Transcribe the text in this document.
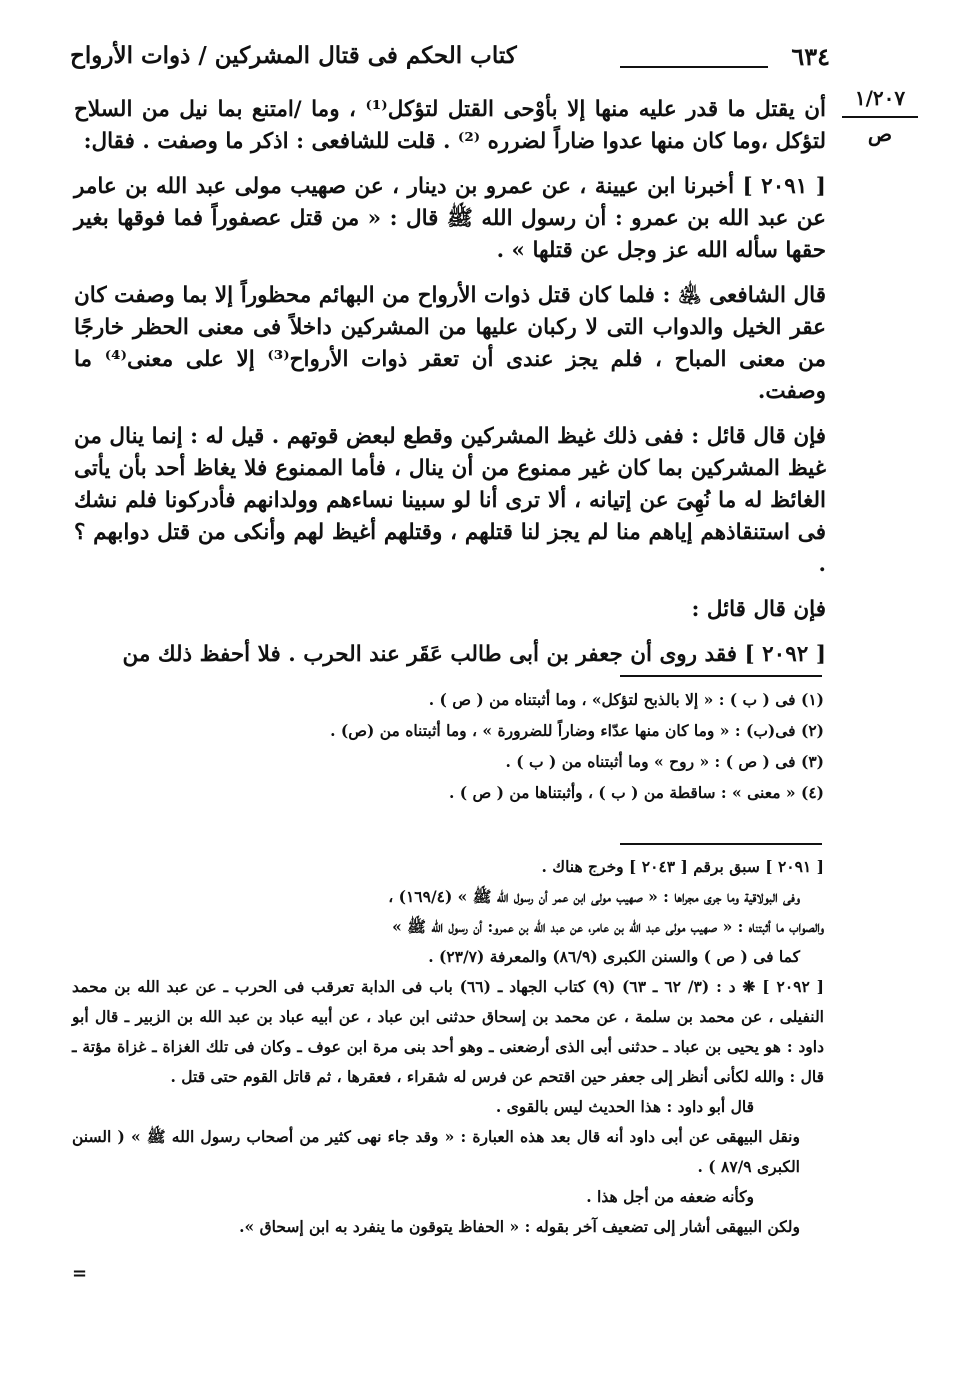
٦٣٤
كتاب الحكم فى قتال المشركين / ذوات الأرواح
١/٢٠٧
ص

أن يقتل ما قدر عليه منها إلا بأوْحى القتل لتؤكل⁽¹⁾ ، وما /امتنع بما نيل من السلاح لتؤكل ،وما كان منها عدوا ضاراً لضرره ⁽²⁾ . قلت للشافعى : اذكر ما وصفت . فقال:

[ ٢٠٩١ ] أخبرنا ابن عيينة ، عن عمرو بن دينار ، عن صهيب مولى عبد الله بن عامر عن عبد الله بن عمرو : أن رسول الله ﷺ قال : « من قتل عصفوراً فما فوقها بغير حقها سأله الله عز وجل عن قتلها » .

قال الشافعى ﵁ : فلما كان قتل ذوات الأرواح من البهائم محظوراً إلا بما وصفت كان عقر الخيل والدواب التى لا ركبان عليها من المشركين داخلاً فى معنى الحظر خارجًا من معنى المباح ، فلم يجز عندى أن تعقر ذوات الأرواح⁽³⁾ إلا على معنى⁽⁴⁾ ما وصفت.

فإن قال قائل : ففى ذلك غيظ المشركين وقطع لبعض قوتهم . قيل له : إنما ينال من غيظ المشركين بما كان غير ممنوع من أن ينال ، فأما الممنوع فلا يغاظ أحد بأن يأتى الغائظ له ما نُهِىَ عن إتيانه ، ألا ترى أنا لو سبينا نساءهم وولدانهم فأدركونا فلم نشك فى استنقاذهم إياهم منا لم يجز لنا قتلهم ، وقتلهم أغيظ لهم وأنكى من قتل دوابهم ؟ .

فإن قال قائل :

[ ٢٠٩٢ ] فقد روى أن جعفر بن أبى طالب عَقَر عند الحرب . فلا أحفظ ذلك من

(١) فى ( ب ) : « إلا بالذبح لتؤكل» ، وما أثبتناه من ( ص ) .
(٢) فى(ب) : « وما كان منها عدّاء وضاراً للضرورة » ، وما أثبتناه من (ص) .
(٣) فى ( ص ) : « روح » وما أثبتناه من ( ب ) .
(٤) « معنى » : ساقطة من ( ب ) ، وأثبتناها من ( ص ) .

[ ٢٠٩١ ] سبق برقم [ ٢٠٤٣ ] وخرج هناك .

وفى البولاقية وما جرى مجراها : « صهيب مولى ابن عمر أن رسول الله ﷺ » (١٦٩/٤) ،

والصواب ما أثبتناه : « صهيب مولى عبد الله بن عامر، عن عبد الله بن عمرو: أن رسول الله ﷺ »

كما فى ( ص ) والسنن الكبرى (٨٦/٩) والمعرفة (٢٣/٧) .

[ ٢٠٩٢ ] ❋ د : (٣/ ٦٢ ـ ٦٣) (٩) كتاب الجهاد ـ (٦٦) باب فى الدابة تعرقب فى الحرب ـ عن عبد الله بن محمد النفيلى ، عن محمد بن سلمة ، عن محمد بن إسحاق حدثنى ابن عباد ، عن أبيه عباد بن عبد الله بن الزبير ـ قال أبو داود : هو يحيى بن عباد ـ حدثنى أبى الذى أرضعنى ـ وهو أحد بنى مرة ابن عوف ـ وكان فى تلك الغزاة ـ غزاة مؤتة ـ قال : والله لكأنى أنظر إلى جعفر حين اقتحم عن فرس له شقراء ، فعقرها ، ثم قاتل القوم حتى قتل .

قال أبو داود : هذا الحديث ليس بالقوى .

ونقل البيهقى عن أبى داود أنه قال بعد هذه العبارة : « وقد جاء نهى كثير من أصحاب رسول الله ﷺ » ( السنن الكبرى ٨٧/٩ ) .

وكأنه ضعفه من أجل هذا .

ولكن البيهقى أشار إلى تضعيف آخر بقوله : « الحفاظ يتوقون ما ينفرد به ابن إسحاق ».

=
